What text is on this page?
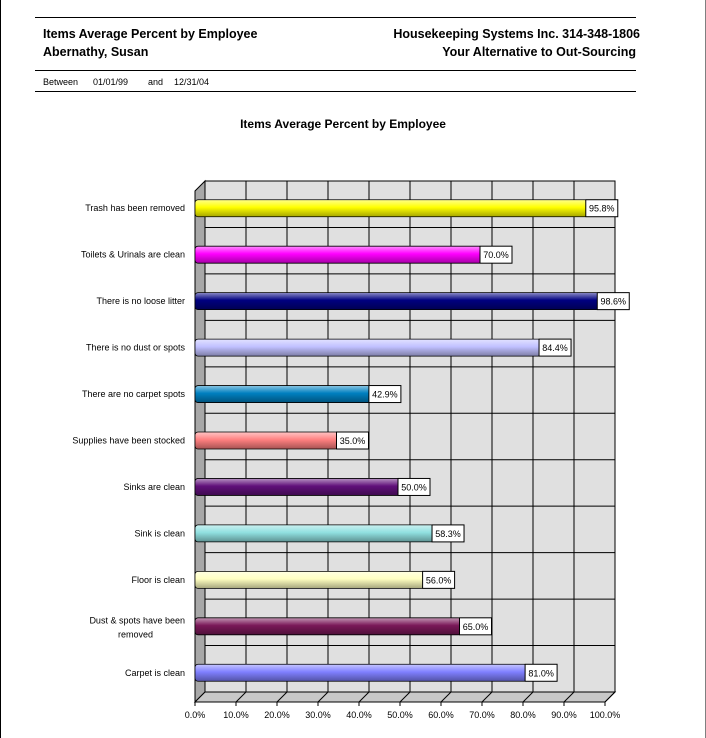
Items Average Percent by Employee
Abernathy, Susan
Housekeeping Systems Inc. 314-348-1806
Your Alternative to Out-Sourcing
Between 01/01/99 and 12/31/04
Items Average Percent by Employee
95.8%
Trash has been removed
70.0%
Toilets & Urinals are clean
98.6%
There is no loose litter
84.4%
There is no dust or spots
42.9%
There are no carpet spots
35.0%
Supplies have been stocked
50.0%
Sinks are clean
58.3%
Sink is clean
56.0%
Floor is clean
65.0%
Dust & spots have been removed
81.0%
Carpet is clean
0.0% 10.0% 20.0% 30.0% 40.0% 50.0% 60.0% 70.0% 80.0% 90.0% 100.0%
